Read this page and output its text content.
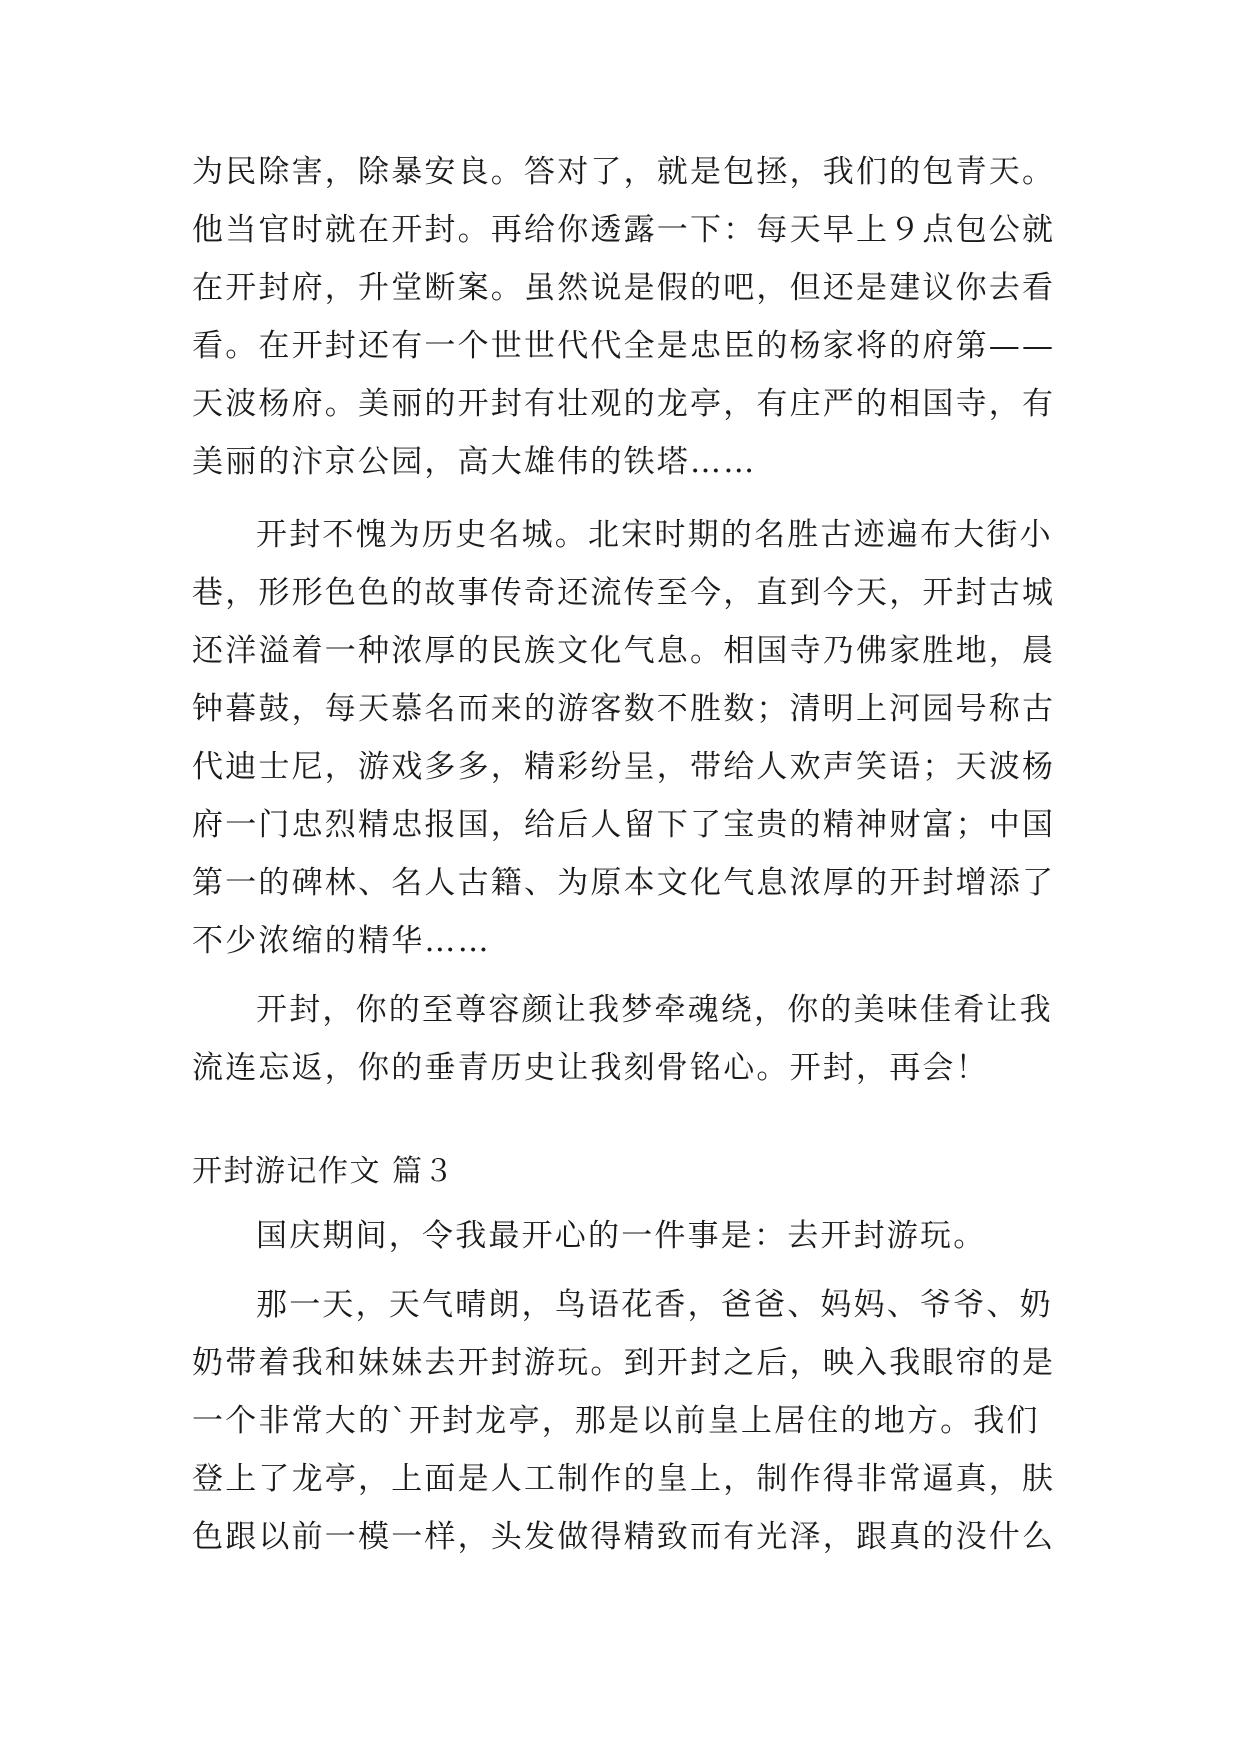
为民除害，除暴安良。答对了，就是包拯，我们的包青天。
他当官时就在开封。再给你透露一下：每天早上９点包公就
在开封府，升堂断案。虽然说是假的吧，但还是建议你去看
看。在开封还有一个世世代代全是忠臣的杨家将的府第——
天波杨府。美丽的开封有壮观的龙亭，有庄严的相国寺，有
美丽的汴京公园，高大雄伟的铁塔……
开封不愧为历史名城。北宋时期的名胜古迹遍布大街小
巷，形形色色的故事传奇还流传至今，直到今天，开封古城
还洋溢着一种浓厚的民族文化气息。相国寺乃佛家胜地，晨
钟暮鼓，每天慕名而来的游客数不胜数；清明上河园号称古
代迪士尼，游戏多多，精彩纷呈，带给人欢声笑语；天波杨
府一门忠烈精忠报国，给后人留下了宝贵的精神财富；中国
第一的碑林、名人古籍、为原本文化气息浓厚的开封增添了
不少浓缩的精华……
开封，你的至尊容颜让我梦牵魂绕，你的美味佳肴让我
流连忘返，你的垂青历史让我刻骨铭心。开封，再会！
开封游记作文 篇３
国庆期间，令我最开心的一件事是：去开封游玩。
那一天，天气晴朗，鸟语花香，爸爸、妈妈、爷爷、奶
奶带着我和妹妹去开封游玩。到开封之后，映入我眼帘的是
一个非常大的`开封龙亭，那是以前皇上居住的地方。我们
登上了龙亭，上面是人工制作的皇上，制作得非常逼真，肤
色跟以前一模一样，头发做得精致而有光泽，跟真的没什么
